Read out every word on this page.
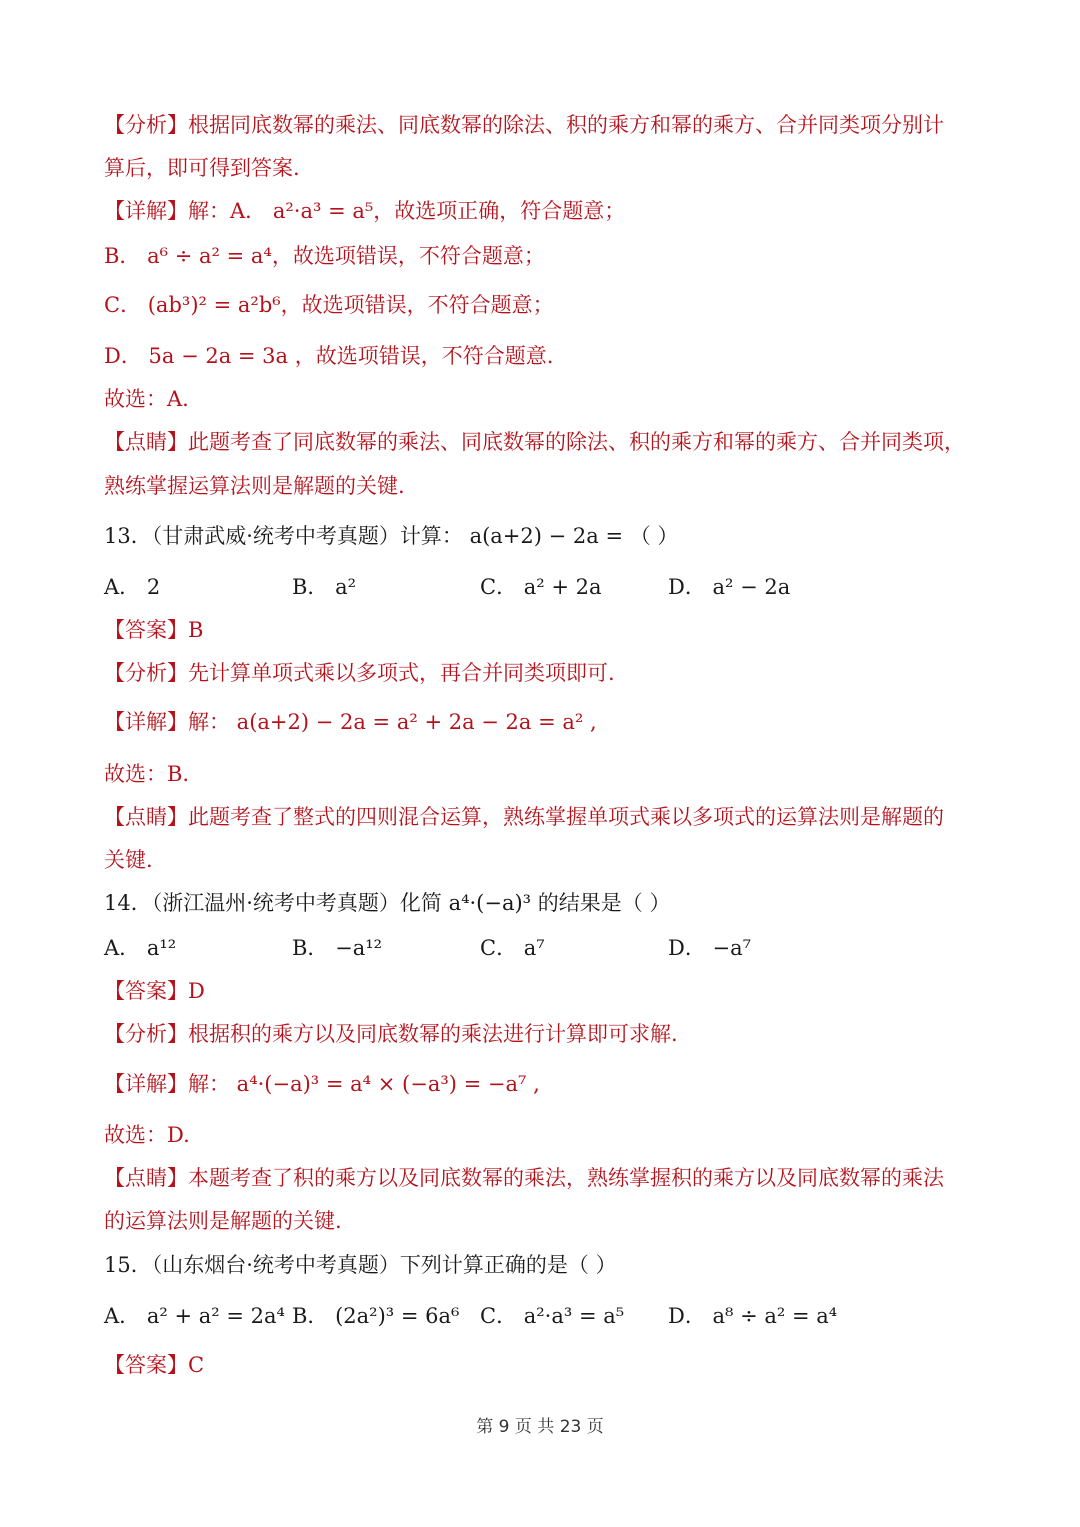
【分析】根据同底数幂的乘法、同底数幂的除法、积的乘方和幂的乘方、合并同类项分别计
算后，即可得到答案.
【详解】解：A． a²·a³ = a⁵，故选项正确，符合题意；
B． a⁶ ÷ a² = a⁴，故选项错误，不符合题意；
C． (ab³)² = a²b⁶，故选项错误，不符合题意；
D． 5a − 2a = 3a ，故选项错误，不符合题意.
故选：A.
【点睛】此题考查了同底数幂的乘法、同底数幂的除法、积的乘方和幂的乘方、合并同类项，
熟练掌握运算法则是解题的关键.
13．（甘肃武威·统考中考真题）计算： a(a+2) − 2a = （ ）
A． 2	B． a²	C． a² + 2a	D． a² − 2a
【答案】B
【分析】先计算单项式乘以多项式，再合并同类项即可.
【详解】解： a(a+2) − 2a = a² + 2a − 2a = a² ,
故选：B.
【点睛】此题考查了整式的四则混合运算，熟练掌握单项式乘以多项式的运算法则是解题的
关键.
14．（浙江温州·统考中考真题）化简 a⁴·(−a)³ 的结果是（ ）
A． a¹²	B． −a¹²	C． a⁷	D． −a⁷
【答案】D
【分析】根据积的乘方以及同底数幂的乘法进行计算即可求解.
【详解】解： a⁴·(−a)³ = a⁴ × (−a³) = −a⁷ ,
故选：D.
【点睛】本题考查了积的乘方以及同底数幂的乘法，熟练掌握积的乘方以及同底数幂的乘法
的运算法则是解题的关键.
15．（山东烟台·统考中考真题）下列计算正确的是（ ）
A． a² + a² = 2a⁴ B． (2a²)³ = 6a⁶ C． a²·a³ = a⁵ D． a⁸ ÷ a² = a⁴
【答案】C
第 9 页 共 23 页
